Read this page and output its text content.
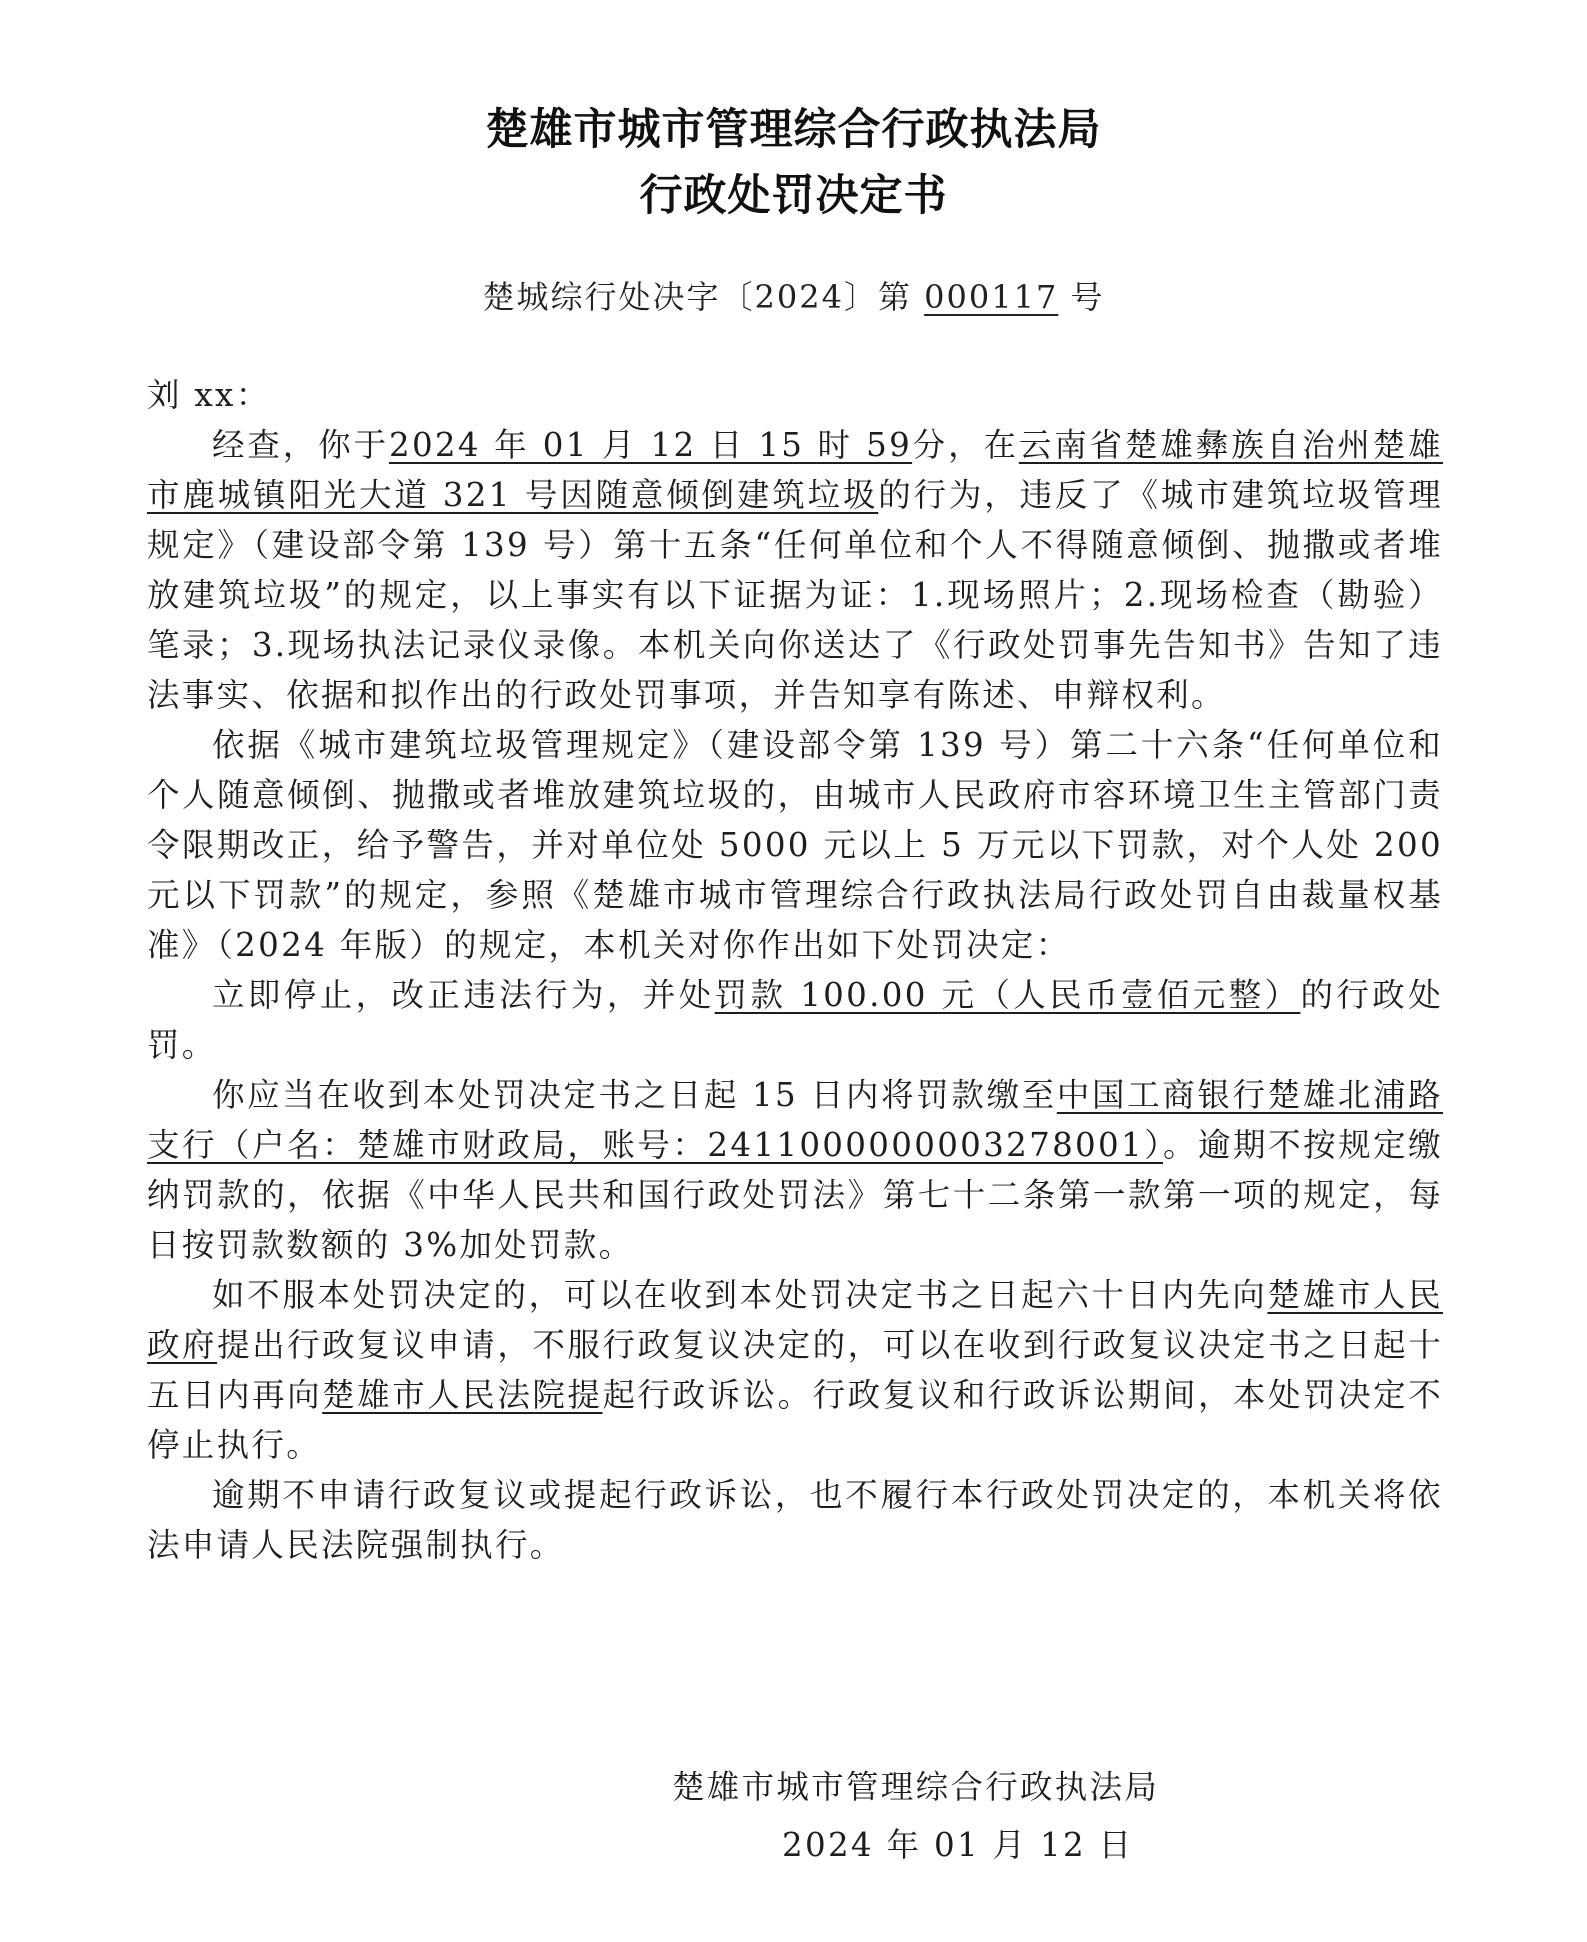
楚雄市城市管理综合行政执法局
行政处罚决定书
楚城综行处决字〔2024〕第 000117 号

刘 xx：

经查，你于2024 年 01 月 12 日 15 时 59分，在云南省楚雄彝族自治州楚雄市鹿城镇阳光大道 321 号因随意倾倒建筑垃圾的行为，违反了《城市建筑垃圾管理规定》（建设部令第 139 号）第十五条“任何单位和个人不得随意倾倒、抛撒或者堆放建筑垃圾”的规定，以上事实有以下证据为证：1.现场照片；2.现场检查（勘验）笔录；3.现场执法记录仪录像。本机关向你送达了《行政处罚事先告知书》告知了违法事实、依据和拟作出的行政处罚事项，并告知享有陈述、申辩权利。

依据《城市建筑垃圾管理规定》（建设部令第 139 号）第二十六条“任何单位和个人随意倾倒、抛撒或者堆放建筑垃圾的，由城市人民政府市容环境卫生主管部门责令限期改正，给予警告，并对单位处 5000 元以上 5 万元以下罚款，对个人处 200 元以下罚款”的规定，参照《楚雄市城市管理综合行政执法局行政处罚自由裁量权基准》（2024 年版）的规定，本机关对你作出如下处罚决定：

立即停止，改正违法行为，并处罚款 100.00 元（人民币壹佰元整）的行政处罚。

你应当在收到本处罚决定书之日起 15 日内将罚款缴至中国工商银行楚雄北浦路支行（户名：楚雄市财政局，账号：2411000000003278001）。逾期不按规定缴纳罚款的，依据《中华人民共和国行政处罚法》第七十二条第一款第一项的规定，每日按罚款数额的 3%加处罚款。

如不服本处罚决定的，可以在收到本处罚决定书之日起六十日内先向楚雄市人民政府提出行政复议申请，不服行政复议决定的，可以在收到行政复议决定书之日起十五日内再向楚雄市人民法院提起行政诉讼。行政复议和行政诉讼期间，本处罚决定不停止执行。

逾期不申请行政复议或提起行政诉讼，也不履行本行政处罚决定的，本机关将依法申请人民法院强制执行。

楚雄市城市管理综合行政执法局
2024 年 01 月 12 日
